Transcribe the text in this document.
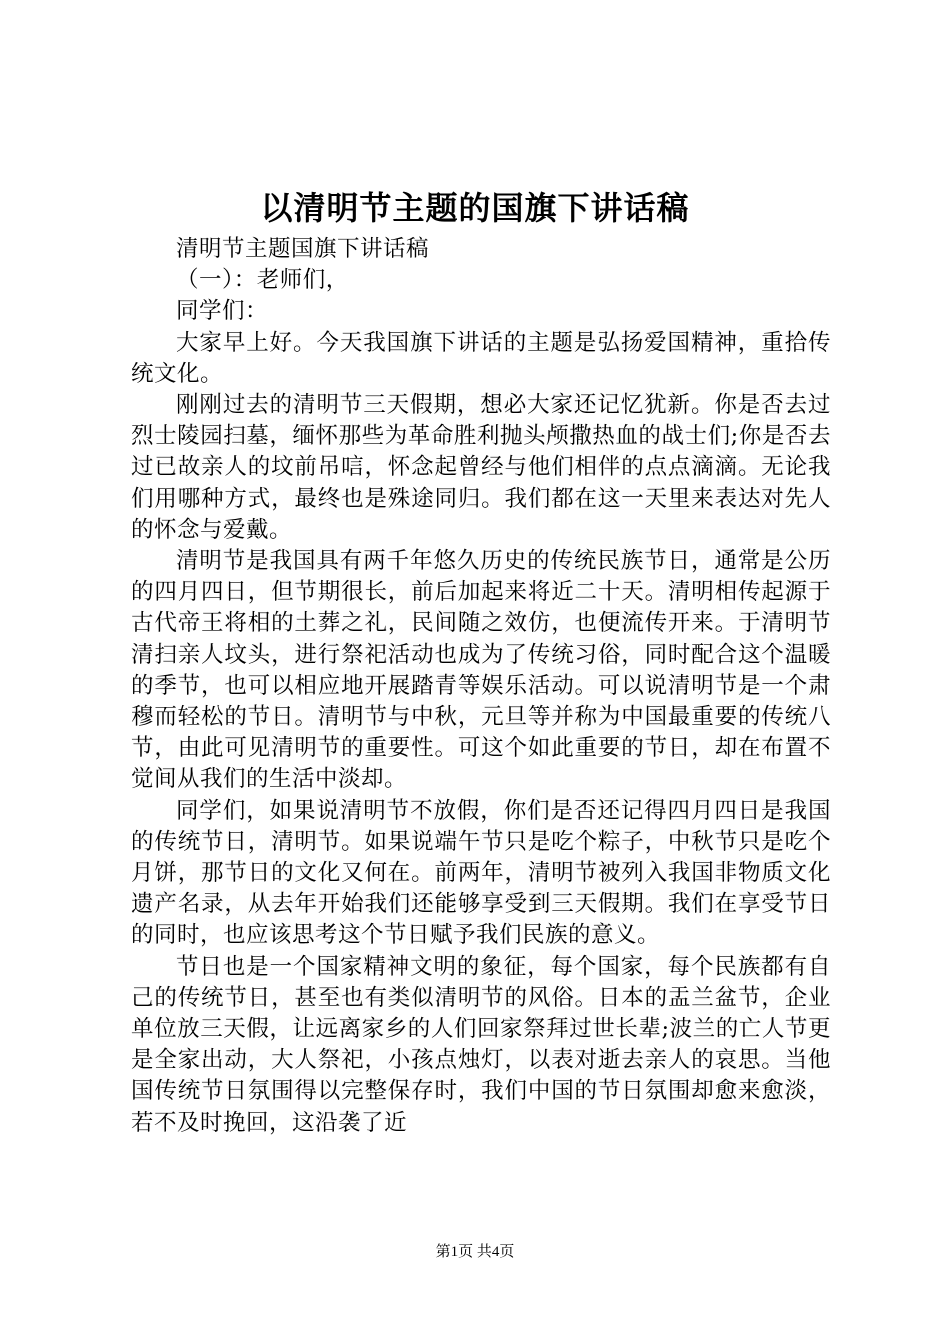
以清明节主题的国旗下讲话稿

清明节主题国旗下讲话稿

（一）：老师们，

同学们：

大家早上好。今天我国旗下讲话的主题是弘扬爱国精神，重拾传统文化。

刚刚过去的清明节三天假期，想必大家还记忆犹新。你是否去过烈士陵园扫墓，缅怀那些为革命胜利抛头颅撒热血的战士们;你是否去过已故亲人的坟前吊唁，怀念起曾经与他们相伴的点点滴滴。无论我们用哪种方式，最终也是殊途同归。我们都在这一天里来表达对先人的怀念与爱戴。

清明节是我国具有两千年悠久历史的传统民族节日，通常是公历的四月四日，但节期很长，前后加起来将近二十天。清明相传起源于古代帝王将相的土葬之礼，民间随之效仿，也便流传开来。于清明节清扫亲人坟头，进行祭祀活动也成为了传统习俗，同时配合这个温暖的季节，也可以相应地开展踏青等娱乐活动。可以说清明节是一个肃穆而轻松的节日。清明节与中秋，元旦等并称为中国最重要的传统八节，由此可见清明节的重要性。可这个如此重要的节日，却在布置不觉间从我们的生活中淡却。

同学们，如果说清明节不放假，你们是否还记得四月四日是我国的传统节日，清明节。如果说端午节只是吃个粽子，中秋节只是吃个月饼，那节日的文化又何在。前两年，清明节被列入我国非物质文化遗产名录，从去年开始我们还能够享受到三天假期。我们在享受节日的同时，也应该思考这个节日赋予我们民族的意义。

节日也是一个国家精神文明的象征，每个国家，每个民族都有自己的传统节日，甚至也有类似清明节的风俗。日本的盂兰盆节，企业单位放三天假，让远离家乡的人们回家祭拜过世长辈;波兰的亡人节更是全家出动，大人祭祀，小孩点烛灯，以表对逝去亲人的哀思。当他国传统节日氛围得以完整保存时，我们中国的节日氛围却愈来愈淡，若不及时挽回，这沿袭了近

第1页 共4页
